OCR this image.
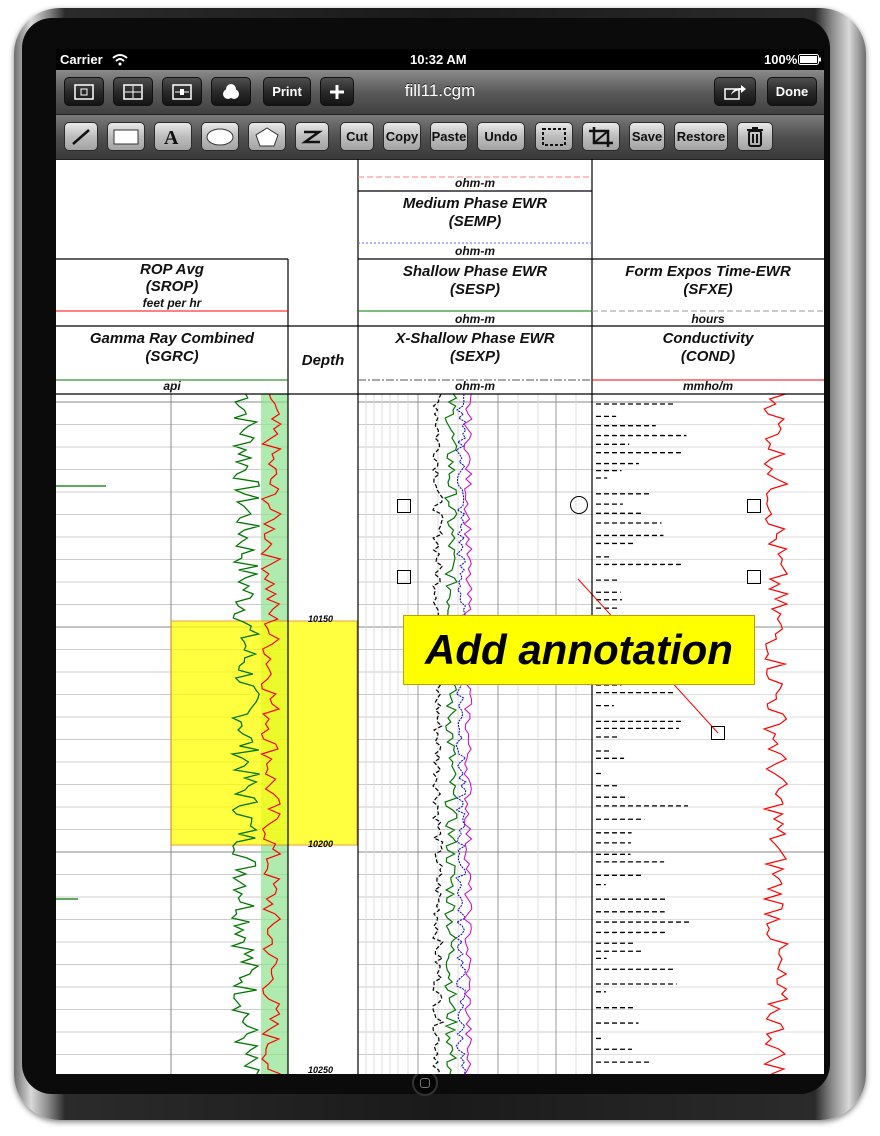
Carrier	10:32 AM	100%
Print	fill11.cgm	Done
A	Cut	Copy Paste	Undo	Save Restore
ohm-m
Medium Phase EWR
(SEMP)
ohm-m
Shallow Phase EWR
(SESP)
ohm-m
Form Expos Time-EWR
(SFXE)
hours
ROP Avg
(SROP)
feet per hr
Gamma Ray Combined
(SGRC)
api
Depth
X-Shallow Phase EWR
(SEXP)
ohm-m
Conductivity
(COND)
mmho/m
10150
10200
10250
Add annotation
